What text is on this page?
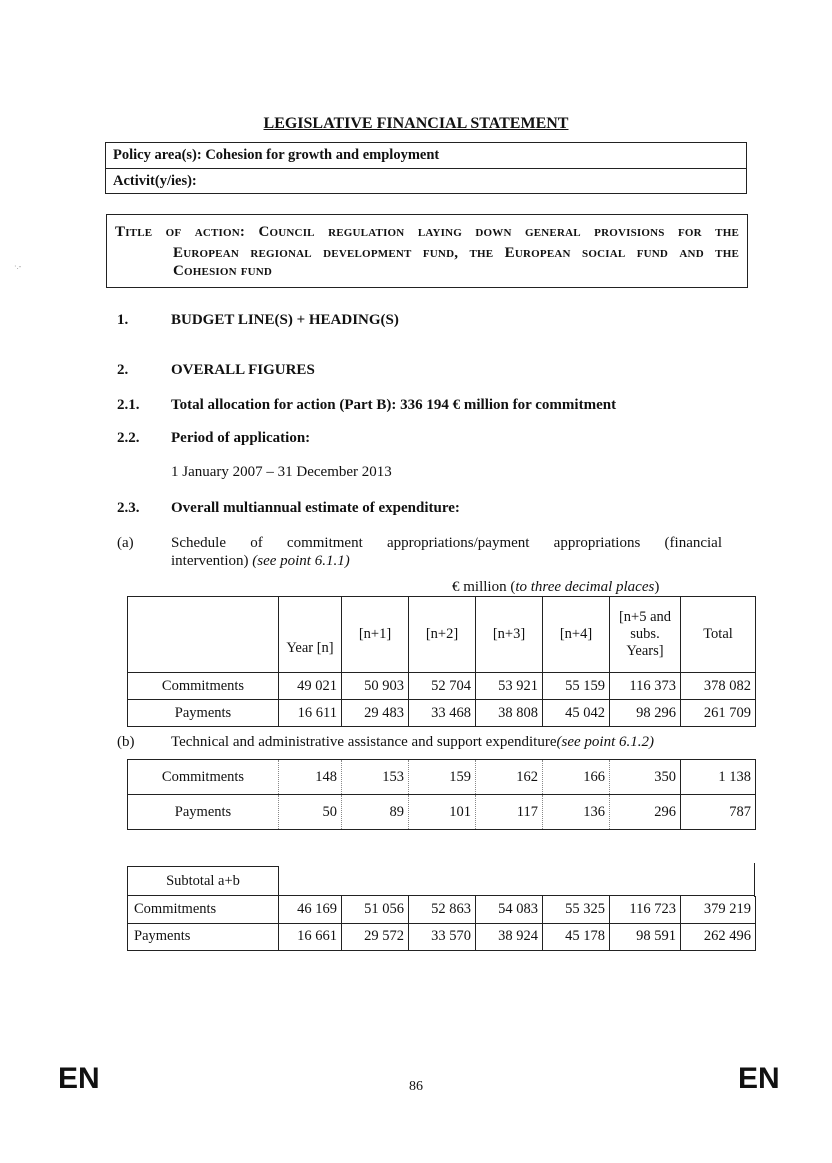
LEGISLATIVE FINANCIAL STATEMENT
Policy area(s): Cohesion for growth and employment
Activit(y/ies):
·.-
Title of action: Council regulation laying down general provisions for the
European regional development fund, the European social fund and the
Cohesion fund
1.	BUDGET LINE(S) + HEADING(S)
2.	OVERALL FIGURES
2.1. Total allocation for action (Part B): 336 194 € million for commitment
2.2. Period of application:
1 January 2007 – 31 December 2013
2.3. Overall multiannual estimate of expenditure:
(a) Schedule of commitment appropriations/payment appropriations (financial
intervention) (see point 6.1.1)
€ million (to three decimal places)
	Year [n]	[n+1]	[n+2]	[n+3]	[n+4]	[n+5 and subs. Years]	Total
Commitments	49 021	50 903	52 704	53 921	55 159	116 373	378 082
Payments	16 611	29 483	33 468	38 808	45 042	98 296	261 709
(b) Technical and administrative assistance and support expenditure(see point 6.1.2)
Commitments	148	153	159	162	166	350	1 138
Payments	50	89	101	117	136	296	787
Subtotal a+b
Commitments	46 169	51 056	52 863	54 083	55 325	116 723	379 219
Payments	16 661	29 572	33 570	38 924	45 178	98 591	262 496
EN	86	EN
